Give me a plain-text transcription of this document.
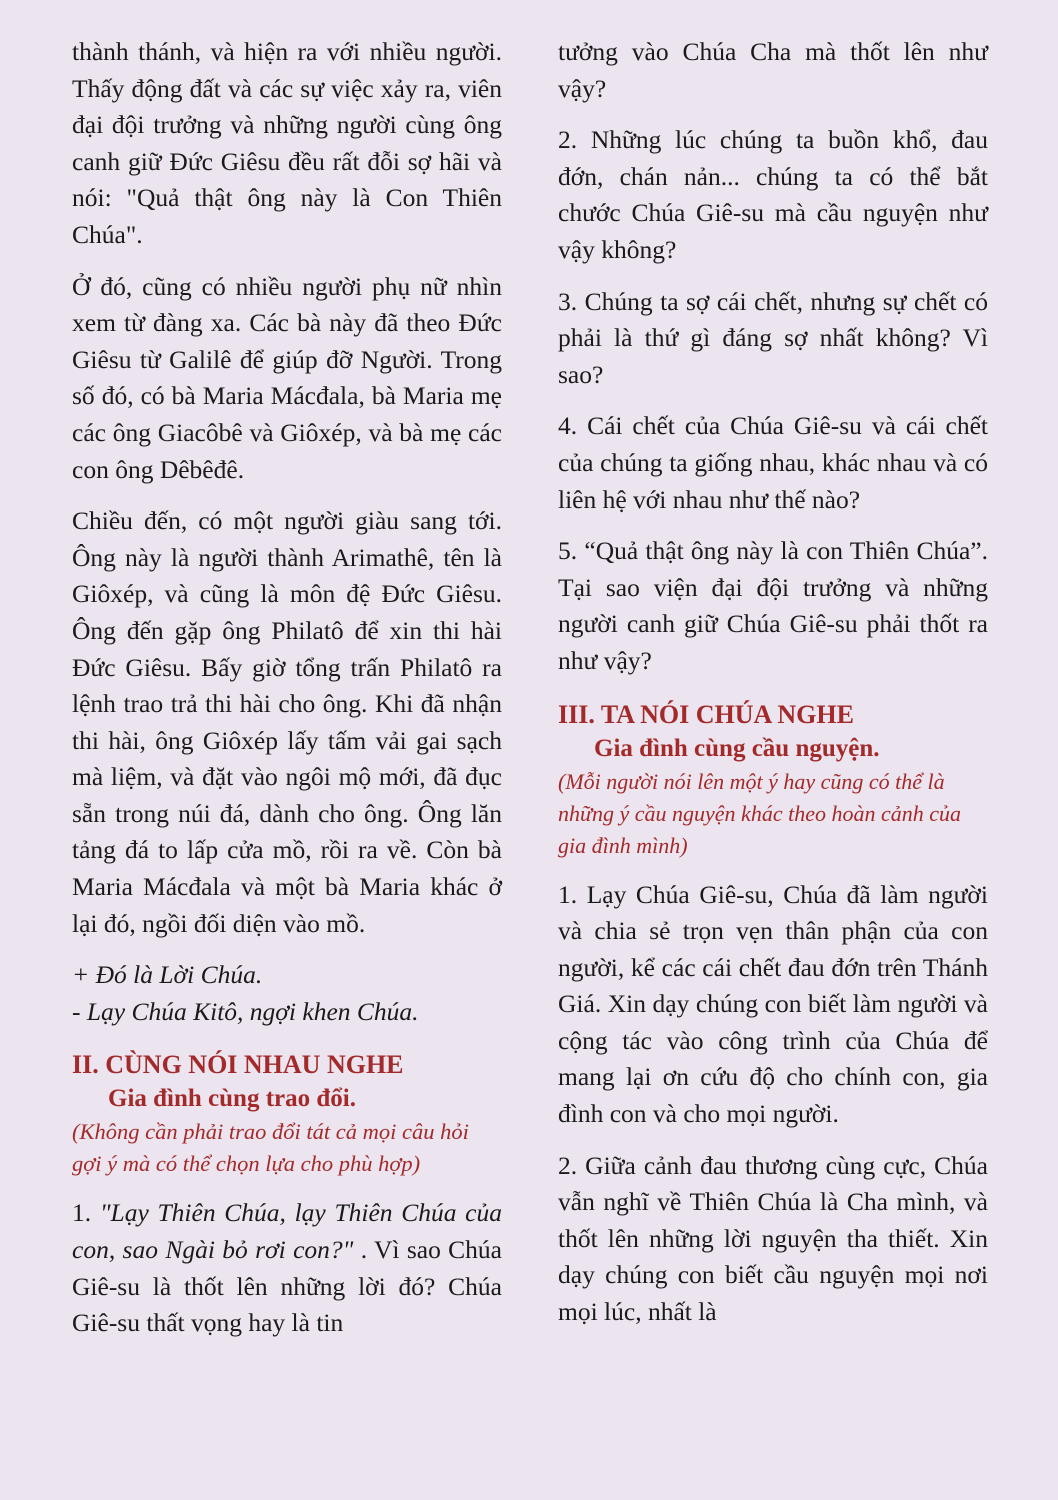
thành thánh, và hiện ra với nhiều người. Thấy động đất và các sự việc xảy ra, viên đại đội trưởng và những người cùng ông canh giữ Đức Giêsu đều rất đỗi sợ hãi và nói: "Quả thật ông này là Con Thiên Chúa".

Ở đó, cũng có nhiều người phụ nữ nhìn xem từ đàng xa. Các bà này đã theo Đức Giêsu từ Galilê để giúp đỡ Người. Trong số đó, có bà Maria Mácđala, bà Maria mẹ các ông Giacôbê và Giôxép, và bà mẹ các con ông Dêbêđê.

Chiều đến, có một người giàu sang tới. Ông này là người thành Arimathê, tên là Giôxép, và cũng là môn đệ Đức Giêsu. Ông đến gặp ông Philatô để xin thi hài Đức Giêsu. Bấy giờ tổng trấn Philatô ra lệnh trao trả thi hài cho ông. Khi đã nhận thi hài, ông Giôxép lấy tấm vải gai sạch mà liệm, và đặt vào ngôi mộ mới, đã đục sẵn trong núi đá, dành cho ông. Ông lăn tảng đá to lấp cửa mồ, rồi ra về. Còn bà Maria Mácđala và một bà Maria khác ở lại đó, ngồi đối diện vào mồ.

+ Đó là Lời Chúa.

- Lạy Chúa Kitô, ngợi khen Chúa.

II. CÙNG NÓI NHAU NGHE
Gia đình cùng trao đổi.

(Không cần phải trao đổi tát cả mọi câu hỏi gợi ý mà có thể chọn lựa cho phù hợp)

1. "Lạy Thiên Chúa, lạy Thiên Chúa của con, sao Ngài bỏ rơi con?" . Vì sao Chúa Giê-su là thốt lên những lời đó? Chúa Giê-su thất vọng hay là tin

tưởng vào Chúa Cha mà thốt lên như vậy?

2. Những lúc chúng ta buồn khổ, đau đớn, chán nản... chúng ta có thể bắt chước Chúa Giê-su mà cầu nguyện như vậy không?

3. Chúng ta sợ cái chết, nhưng sự chết có phải là thứ gì đáng sợ nhất không? Vì sao?

4. Cái chết của Chúa Giê-su và cái chết của chúng ta giống nhau, khác nhau và có liên hệ với nhau như thế nào?

5. “Quả thật ông này là con Thiên Chúa”. Tại sao viện đại đội trưởng và những người canh giữ Chúa Giê-su phải thốt ra như vậy?

III. TA NÓI CHÚA NGHE
Gia đình cùng cầu nguyện.

(Mỗi người nói lên một ý hay cũng có thể là những ý cầu nguyện khác theo hoàn cảnh của gia đình mình)

1. Lạy Chúa Giê-su, Chúa đã làm người và chia sẻ trọn vẹn thân phận của con người, kể các cái chết đau đớn trên Thánh Giá. Xin dạy chúng con biết làm người và cộng tác vào công trình của Chúa để mang lại ơn cứu độ cho chính con, gia đình con và cho mọi người.

2. Giữa cảnh đau thương cùng cực, Chúa vẫn nghĩ về Thiên Chúa là Cha mình, và thốt lên những lời nguyện tha thiết. Xin dạy chúng con biết cầu nguyện mọi nơi mọi lúc, nhất là
